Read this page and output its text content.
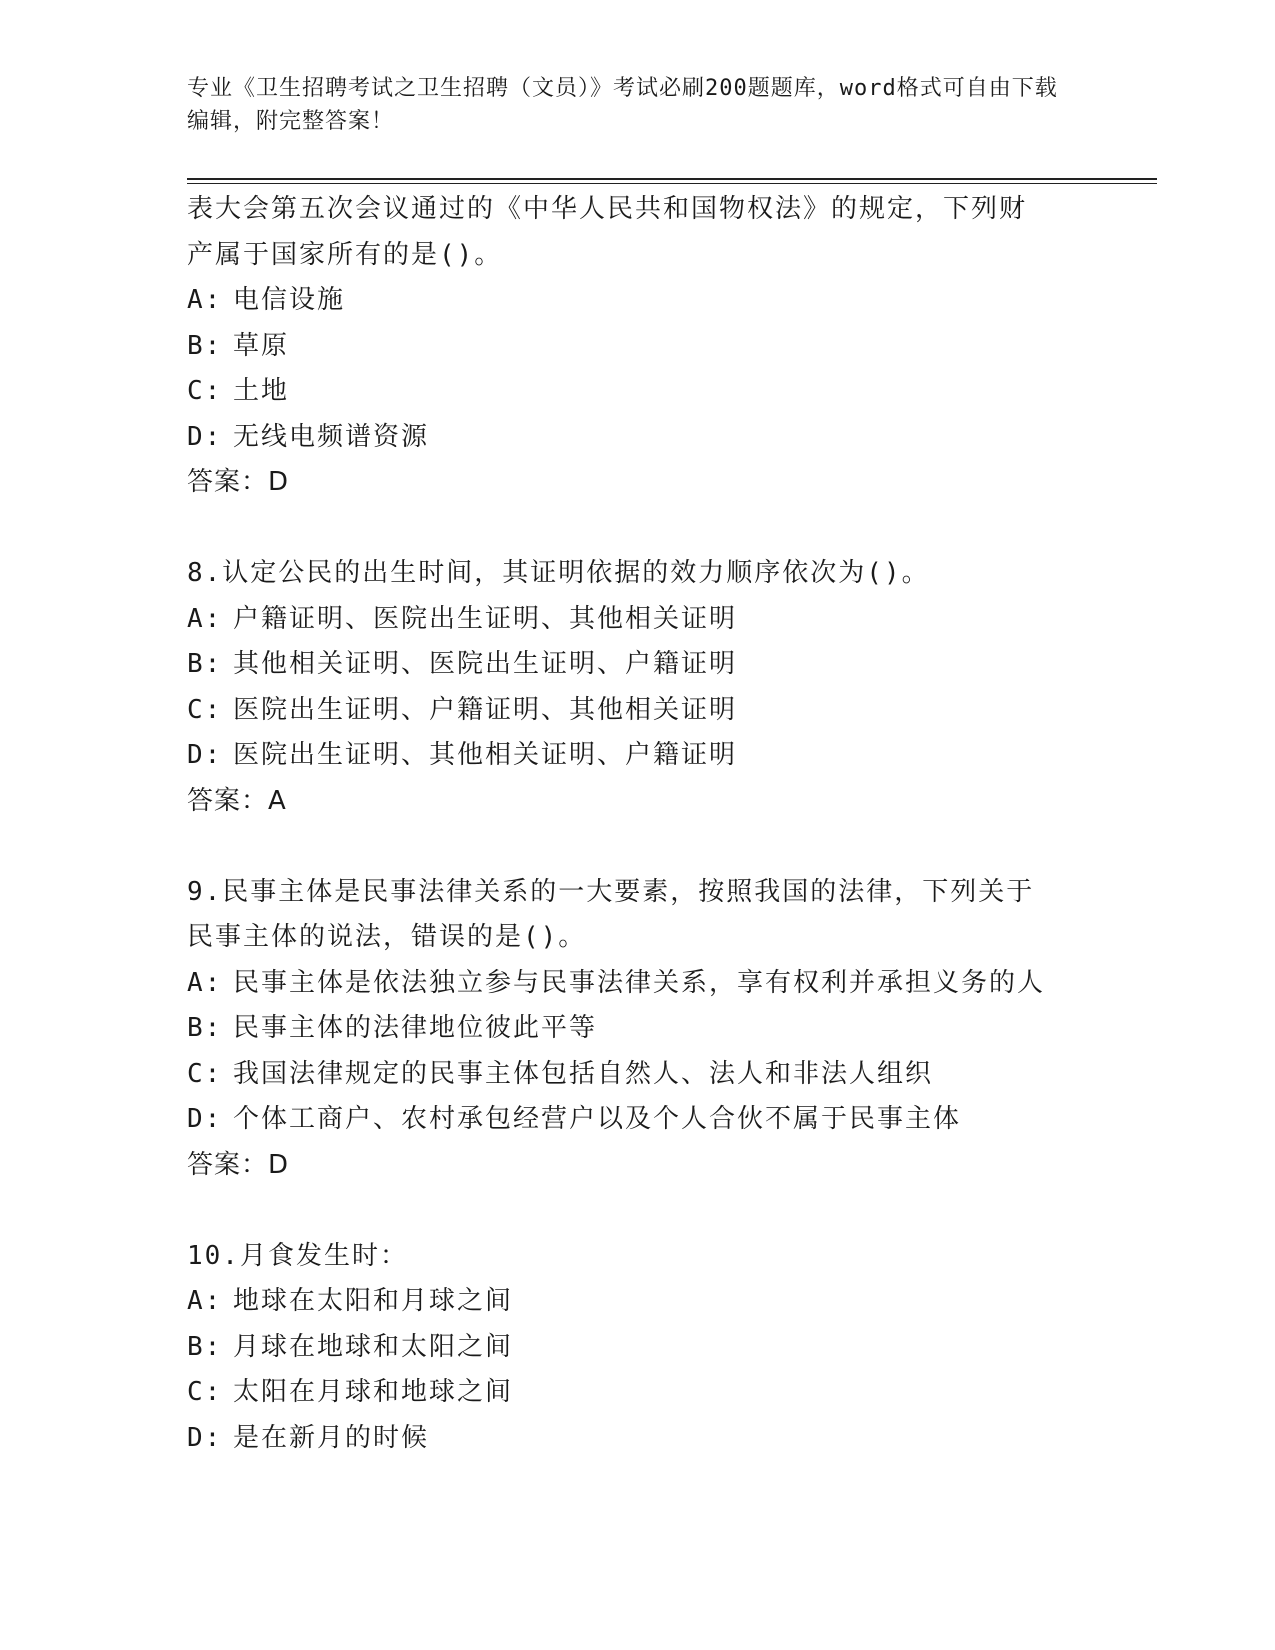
专业《卫生招聘考试之卫生招聘（文员）》考试必刷200题题库，word格式可自由下载编辑，附完整答案！
表大会第五次会议通过的《中华人民共和国物权法》的规定，下列财
产属于国家所有的是()。
A: 电信设施
B: 草原
C: 土地
D: 无线电频谱资源
答案：D
8.认定公民的出生时间，其证明依据的效力顺序依次为()。
A: 户籍证明、医院出生证明、其他相关证明
B: 其他相关证明、医院出生证明、户籍证明
C: 医院出生证明、户籍证明、其他相关证明
D: 医院出生证明、其他相关证明、户籍证明
答案：A
9.民事主体是民事法律关系的一大要素，按照我国的法律，下列关于
民事主体的说法，错误的是()。
A: 民事主体是依法独立参与民事法律关系，享有权利并承担义务的人
B: 民事主体的法律地位彼此平等
C: 我国法律规定的民事主体包括自然人、法人和非法人组织
D: 个体工商户、农村承包经营户以及个人合伙不属于民事主体
答案：D
10.月食发生时：
A: 地球在太阳和月球之间
B: 月球在地球和太阳之间
C: 太阳在月球和地球之间
D: 是在新月的时候
